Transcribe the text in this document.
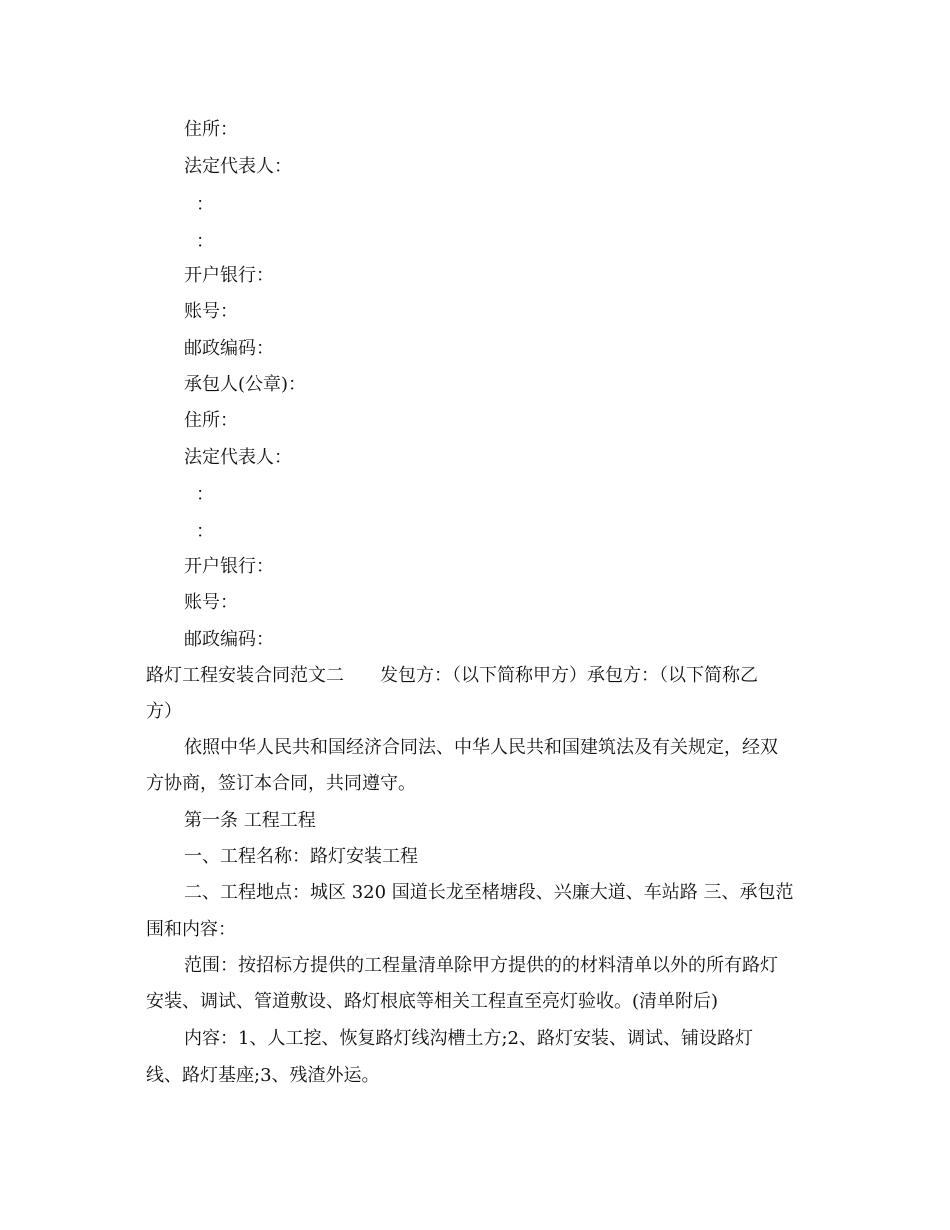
住所：
法定代表人：
：
：
开户银行：
账号：
邮政编码：
承包人(公章)：
住所：
法定代表人：
：
：
开户银行：
账号：
邮政编码：
路灯工程安装合同范文二 发包方：（以下简称甲方）承包方：（以下简称乙
方）
依照中华人民共和国经济合同法、中华人民共和国建筑法及有关规定，经双
方协商，签订本合同，共同遵守。
第一条 工程工程
一、工程名称：路灯安装工程
二、工程地点：城区 320 国道长龙至楮塘段、兴廉大道、车站路 三、承包范
围和内容：
范围：按招标方提供的工程量清单除甲方提供的的材料清单以外的所有路灯
安装、调试、管道敷设、路灯根底等相关工程直至亮灯验收。(清单附后)
内容：1、人工挖、恢复路灯线沟槽土方;2、路灯安装、调试、铺设路灯
线、路灯基座;3、残渣外运。
